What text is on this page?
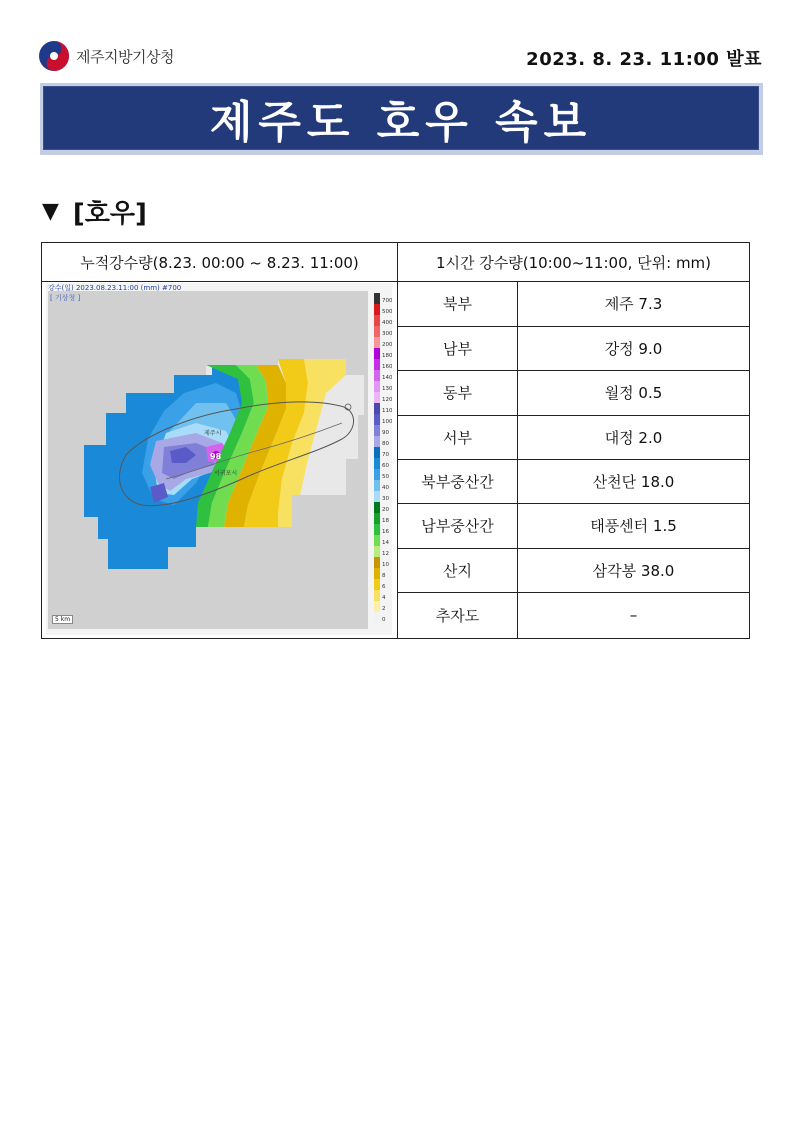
제주지방기상청	2023. 8. 23. 11:00 발표
제주도 호우 속보
▼ [호우]
누적강수량(8.23. 00:00 ~ 8.23. 11:00)	1시간 강수량(10:00~11:00, 단위: mm)
북부	제주 7.3
남부	강정 9.0
동부	월정 0.5
서부	대정 2.0
북부중산간	산천단 18.0
남부중산간	태풍센터 1.5
산지	삼각봉 38.0
추자도	–
제주시
서귀포시
98
700
500
400
300
200
180
160
140
130
120
110
100
90
80
70
60
50
40
30
20
18
16
14
12
10
8
6
4
2
0
강수(일) 2023.08.23.11:00 (mm) #700
[ 기상청 ]
5 km
